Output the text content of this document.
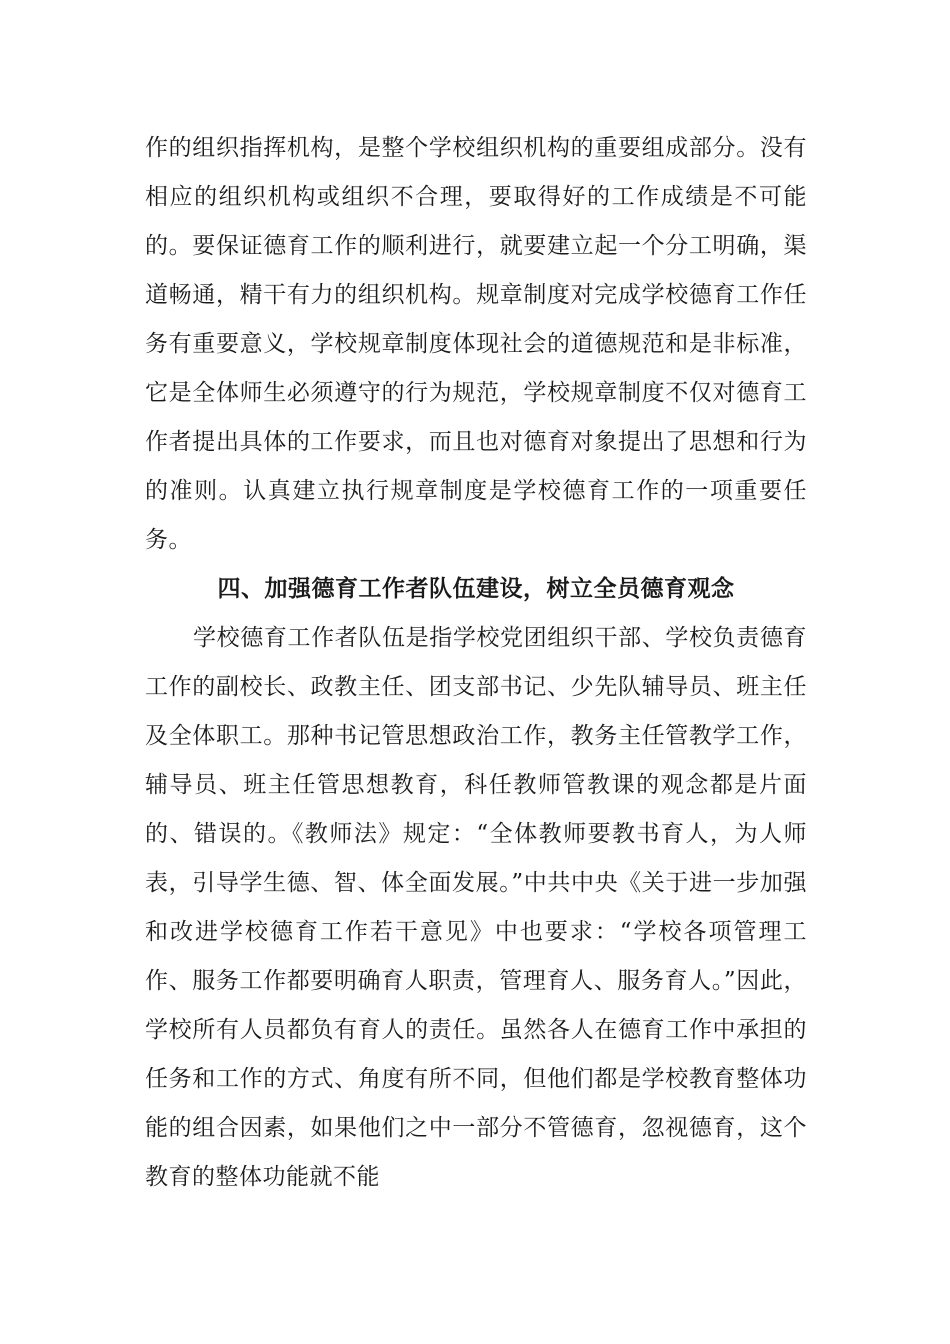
作的组织指挥机构，是整个学校组织机构的重要组成部分。没有相应的组织机构或组织不合理，要取得好的工作成绩是不可能的。要保证德育工作的顺利进行，就要建立起一个分工明确，渠道畅通，精干有力的组织机构。规章制度对完成学校德育工作任务有重要意义，学校规章制度体现社会的道德规范和是非标准，它是全体师生必须遵守的行为规范，学校规章制度不仅对德育工作者提出具体的工作要求，而且也对德育对象提出了思想和行为的准则。认真建立执行规章制度是学校德育工作的一项重要任务。

四、加强德育工作者队伍建设，树立全员德育观念

学校德育工作者队伍是指学校党团组织干部、学校负责德育工作的副校长、政教主任、团支部书记、少先队辅导员、班主任及全体职工。那种书记管思想政治工作，教务主任管教学工作，辅导员、班主任管思想教育，科任教师管教课的观念都是片面的、错误的。《教师法》规定：“全体教师要教书育人，为人师表，引导学生德、智、体全面发展。”中共中央《关于进一步加强和改进学校德育工作若干意见》中也要求：“学校各项管理工作、服务工作都要明确育人职责，管理育人、服务育人。”因此，学校所有人员都负有育人的责任。虽然各人在德育工作中承担的任务和工作的方式、角度有所不同，但他们都是学校教育整体功能的组合因素，如果他们之中一部分不管德育，忽视德育，这个教育的整体功能就不能
